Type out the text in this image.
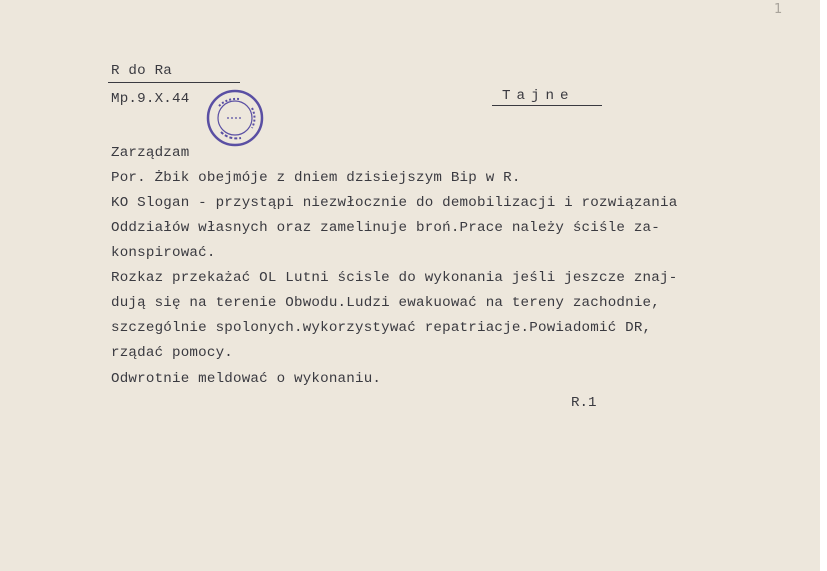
1
R do Ra
Mp.9.X.44	Tajne
Zarządzam
Por. Żbik obejmóje z dniem dzisiejszym Bip w R.
KO Slogan - przystąpi niezwłocznie do demobilizacji i rozwiązania
Oddziałów własnych oraz zamelinuje broń.Prace należy ściśle za-
konspirować.
Rozkaz przekażać OL Lutni ścisle do wykonania jeśli jeszcze znaj-
dują się na terenie Obwodu.Ludzi ewakuować na tereny zachodnie,
szczególnie spolonych.wykorzystywać repatriacje.Powiadomić DR,
rządać pomocy.
Odwrotnie meldować o wykonaniu.
R.1
